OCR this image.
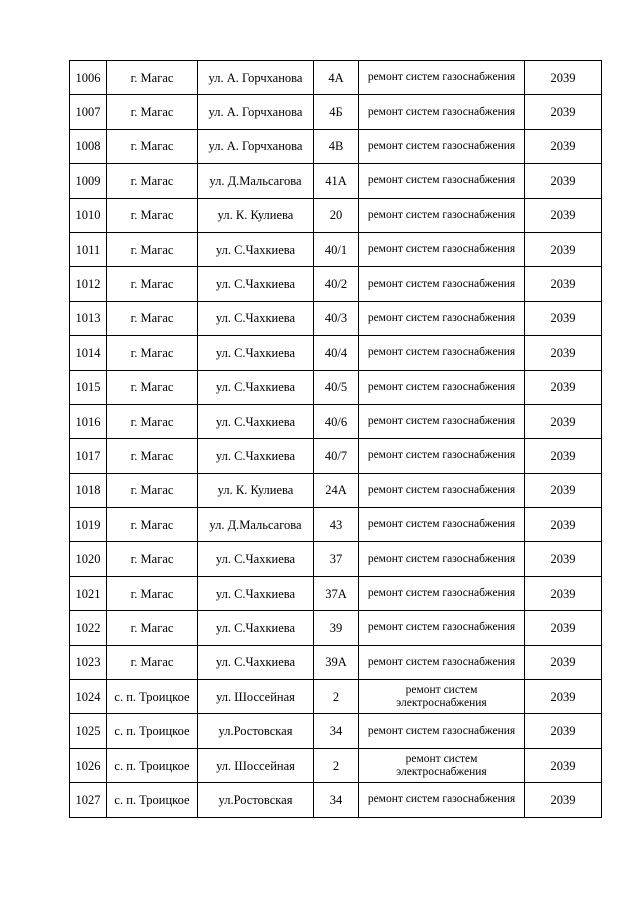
1006	г. Магас	ул. А. Горчханова	4А	ремонт систем газоснабжения	2039
1007	г. Магас	ул. А. Горчханова	4Б	ремонт систем газоснабжения	2039
1008	г. Магас	ул. А. Горчханова	4В	ремонт систем газоснабжения	2039
1009	г. Магас	ул. Д.Мальсагова	41А	ремонт систем газоснабжения	2039
1010	г. Магас	ул. К. Кулиева	20	ремонт систем газоснабжения	2039
1011	г. Магас	ул. С.Чахкиева	40/1	ремонт систем газоснабжения	2039
1012	г. Магас	ул. С.Чахкиева	40/2	ремонт систем газоснабжения	2039
1013	г. Магас	ул. С.Чахкиева	40/3	ремонт систем газоснабжения	2039
1014	г. Магас	ул. С.Чахкиева	40/4	ремонт систем газоснабжения	2039
1015	г. Магас	ул. С.Чахкиева	40/5	ремонт систем газоснабжения	2039
1016	г. Магас	ул. С.Чахкиева	40/6	ремонт систем газоснабжения	2039
1017	г. Магас	ул. С.Чахкиева	40/7	ремонт систем газоснабжения	2039
1018	г. Магас	ул. К. Кулиева	24А	ремонт систем газоснабжения	2039
1019	г. Магас	ул. Д.Мальсагова	43	ремонт систем газоснабжения	2039
1020	г. Магас	ул. С.Чахкиева	37	ремонт систем газоснабжения	2039
1021	г. Магас	ул. С.Чахкиева	37А	ремонт систем газоснабжения	2039
1022	г. Магас	ул. С.Чахкиева	39	ремонт систем газоснабжения	2039
1023	г. Магас	ул. С.Чахкиева	39А	ремонт систем газоснабжения	2039
1024	с. п. Троицкое	ул. Шоссейная	2	ремонт систем электроснабжения	2039
1025	с. п. Троицкое	ул.Ростовская	34	ремонт систем газоснабжения	2039
1026	с. п. Троицкое	ул. Шоссейная	2	ремонт систем электроснабжения	2039
1027	с. п. Троицкое	ул.Ростовская	34	ремонт систем газоснабжения	2039
